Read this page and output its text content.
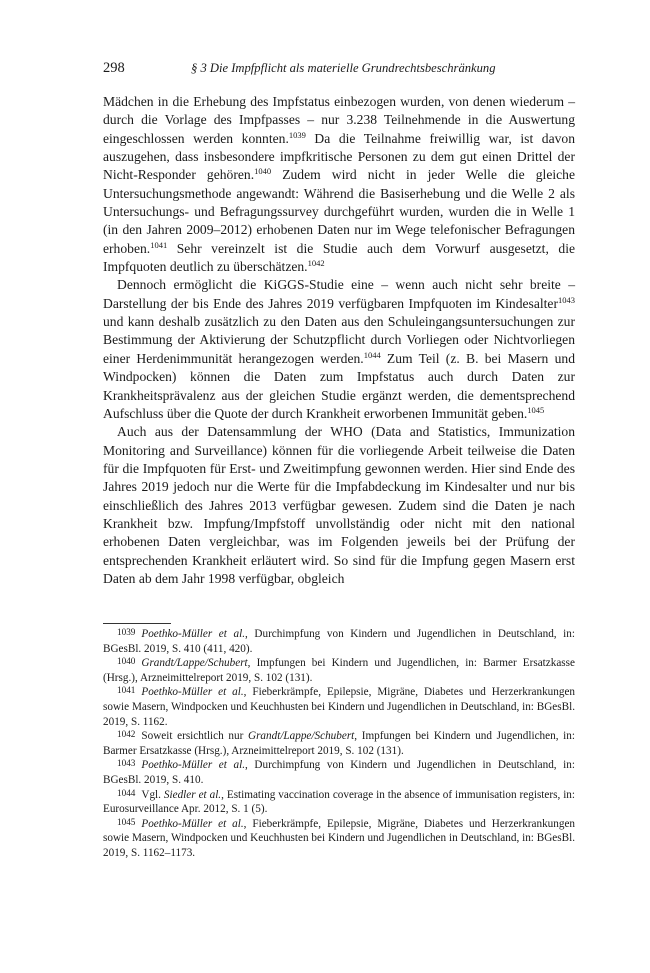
298	§ 3 Die Impfpflicht als materielle Grundrechtsbeschränkung

Mädchen in die Erhebung des Impfstatus einbezogen wurden, von denen wiederum – durch die Vorlage des Impfpasses – nur 3.238 Teilnehmende in die Auswertung eingeschlossen werden konnten.$^{1039}$ Da die Teilnahme freiwillig war, ist davon auszugehen, dass insbesondere impfkritische Personen zu dem gut einen Drittel der Nicht-Responder gehören.$^{1040}$ Zudem wird nicht in jeder Welle die gleiche Untersuchungsmethode angewandt: Während die Basiserhebung und die Welle 2 als Untersuchungs- und Befragungssurvey durchgeführt wurden, wurden die in Welle 1 (in den Jahren 2009–2012) erhobenen Daten nur im Wege telefonischer Befragungen erhoben.$^{1041}$ Sehr vereinzelt ist die Studie auch dem Vorwurf ausgesetzt, die Impfquoten deutlich zu überschätzen.$^{1042}$

Dennoch ermöglicht die KiGGS-Studie eine – wenn auch nicht sehr breite – Darstellung der bis Ende des Jahres 2019 verfügbaren Impfquoten im Kindesalter$^{1043}$ und kann deshalb zusätzlich zu den Daten aus den Schuleingangsuntersuchungen zur Bestimmung der Aktivierung der Schutzpflicht durch Vorliegen oder Nichtvorliegen einer Herdenimmunität herangezogen werden.$^{1044}$ Zum Teil (z. B. bei Masern und Windpocken) können die Daten zum Impfstatus auch durch Daten zur Krankheitsprävalenz aus der gleichen Studie ergänzt werden, die dementsprechend Aufschluss über die Quote der durch Krankheit erworbenen Immunität geben.$^{1045}$

Auch aus der Datensammlung der WHO (Data and Statistics, Immunization Monitoring and Surveillance) können für die vorliegende Arbeit teilweise die Daten für die Impfquoten für Erst- und Zweitimpfung gewonnen werden. Hier sind Ende des Jahres 2019 jedoch nur die Werte für die Impfabdeckung im Kindesalter und nur bis einschließlich des Jahres 2013 verfügbar gewesen. Zudem sind die Daten je nach Krankheit bzw. Impfung/Impfstoff unvollständig oder nicht mit den national erhobenen Daten vergleichbar, was im Folgenden jeweils bei der Prüfung der entsprechenden Krankheit erläutert wird. So sind für die Impfung gegen Masern erst Daten ab dem Jahr 1998 verfügbar, obgleich

1039 Poethko-Müller et al., Durchimpfung von Kindern und Jugendlichen in Deutschland, in: BGesBl. 2019, S. 410 (411, 420).

1040 Grandt/Lappe/Schubert, Impfungen bei Kindern und Jugendlichen, in: Barmer Ersatzkasse (Hrsg.), Arzneimittelreport 2019, S. 102 (131).

1041 Poethko-Müller et al., Fieberkrämpfe, Epilepsie, Migräne, Diabetes und Herzerkrankungen sowie Masern, Windpocken und Keuchhusten bei Kindern und Jugendlichen in Deutschland, in: BGesBl. 2019, S. 1162.

1042 Soweit ersichtlich nur Grandt/Lappe/Schubert, Impfungen bei Kindern und Jugendlichen, in: Barmer Ersatzkasse (Hrsg.), Arzneimittelreport 2019, S. 102 (131).

1043 Poethko-Müller et al., Durchimpfung von Kindern und Jugendlichen in Deutschland, in: BGesBl. 2019, S. 410.

1044 Vgl. Siedler et al., Estimating vaccination coverage in the absence of immunisation registers, in: Eurosurveillance Apr. 2012, S. 1 (5).

1045 Poethko-Müller et al., Fieberkrämpfe, Epilepsie, Migräne, Diabetes und Herzerkrankungen sowie Masern, Windpocken und Keuchhusten bei Kindern und Jugendlichen in Deutschland, in: BGesBl. 2019, S. 1162–1173.
